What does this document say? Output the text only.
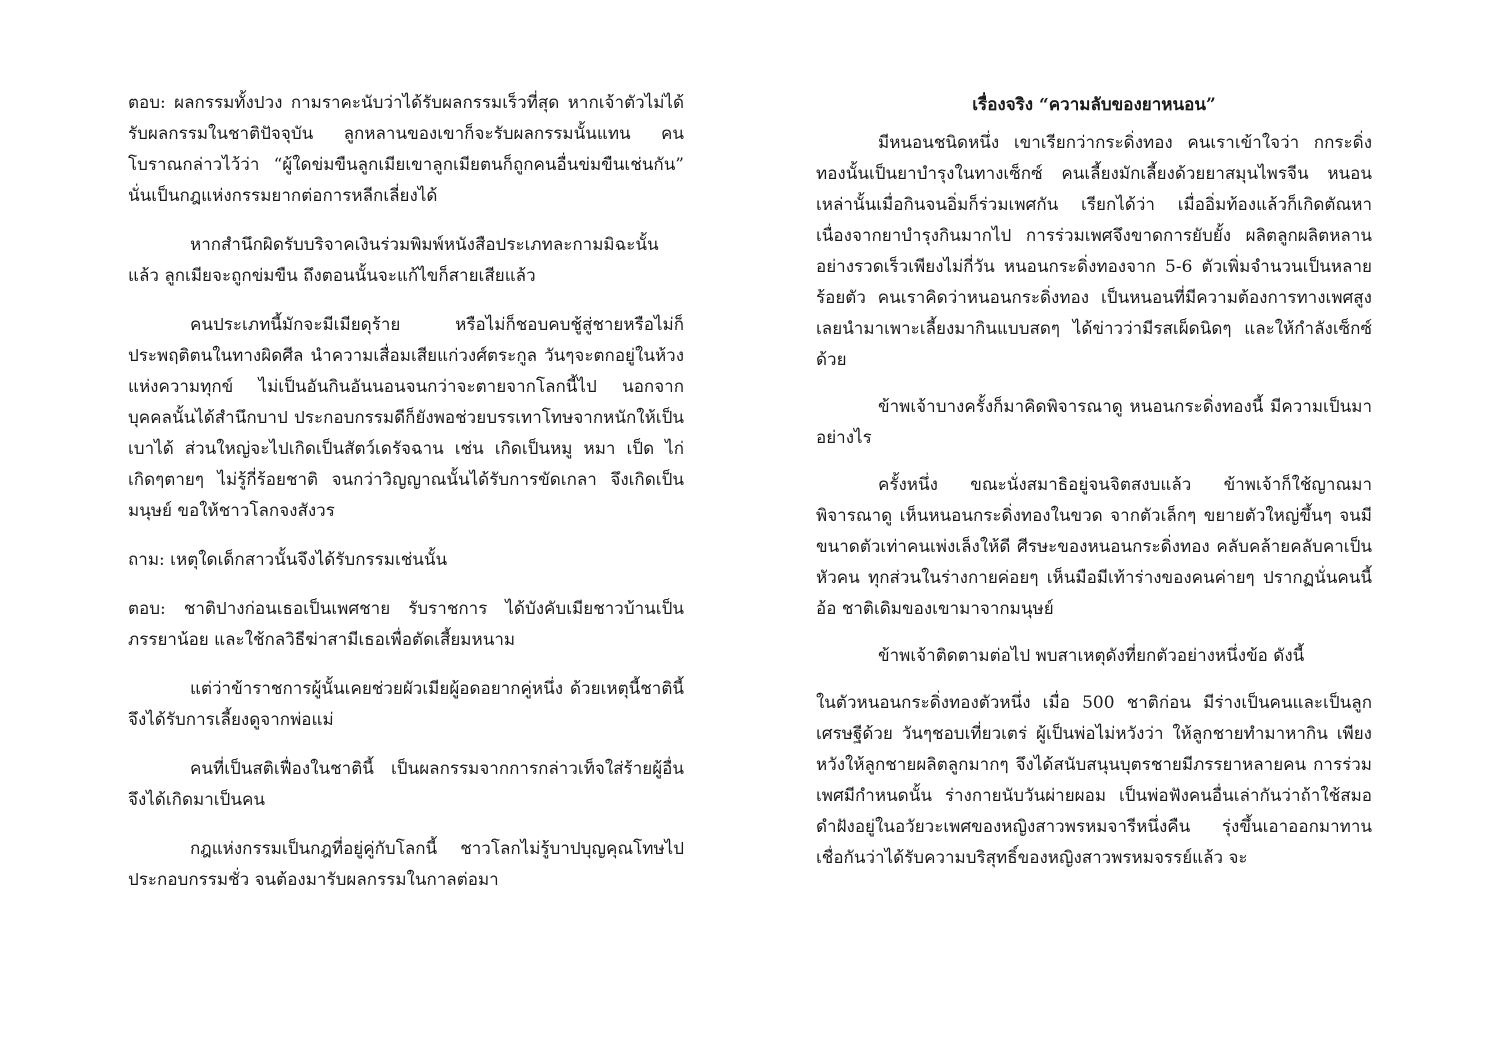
ตอบ: ผลกรรมทั้งปวง กามราคะนับว่าได้รับผลกรรมเร็วที่สุด หากเจ้าตัวไม่ได้รับผลกรรมในชาติปัจจุบัน ลูกหลานของเขาก็จะรับผลกรรมนั้นแทน คนโบราณกล่าวไว้ว่า “ผู้ใดข่มขืนลูกเมียเขาลูกเมียตนก็ถูกคนอื่นข่มขืนเช่นกัน” นั่นเป็นกฎแห่งกรรมยากต่อการหลีกเลี่ยงได้

หากสำนึกผิดรับบริจาคเงินร่วมพิมพ์หนังสือประเภทละกามมิฉะนั้นแล้ว ลูกเมียจะถูกข่มขืน ถึงตอนนั้นจะแก้ไขก็สายเสียแล้ว

คนประเภทนี้มักจะมีเมียดุร้าย หรือไม่ก็ชอบคบชู้สู่ชายหรือไม่ก็ประพฤติตนในทางผิดศีล นำความเสื่อมเสียแก่วงศ์ตระกูล วันๆจะตกอยู่ในห้วงแห่งความทุกข์ ไม่เป็นอันกินอันนอนจนกว่าจะตายจากโลกนี้ไป นอกจากบุคคลนั้นได้สำนึกบาป ประกอบกรรมดีก็ยังพอช่วยบรรเทาโทษจากหนักให้เป็นเบาได้ ส่วนใหญ่จะไปเกิดเป็นสัตว์เดรัจฉาน เช่น เกิดเป็นหมู หมา เป็ด ไก่ เกิดๆตายๆ ไม่รู้กี่ร้อยชาติ จนกว่าวิญญาณนั้นได้รับการขัดเกลา จึงเกิดเป็นมนุษย์ ขอให้ชาวโลกจงสังวร

ถาม: เหตุใดเด็กสาวนั้นจึงได้รับกรรมเช่นนั้น

ตอบ: ชาติปางก่อนเธอเป็นเพศชาย รับราชการ ได้บังคับเมียชาวบ้านเป็นภรรยาน้อย และใช้กลวิธีฆ่าสามีเธอเพื่อตัดเสี้ยมหนาม

แต่ว่าข้าราชการผู้นั้นเคยช่วยผัวเมียผู้อดอยากคู่หนึ่ง ด้วยเหตุนี้ชาตินี้จึงได้รับการเลี้ยงดูจากพ่อแม่

คนที่เป็นสติเฟื่องในชาตินี้ เป็นผลกรรมจากการกล่าวเท็จใส่ร้ายผู้อื่น จึงได้เกิดมาเป็นคน

กฎแห่งกรรมเป็นกฎที่อยู่คู่กับโลกนี้ ชาวโลกไม่รู้บาปบุญคุณโทษไปประกอบกรรมชั่ว จนต้องมารับผลกรรมในกาลต่อมา

เรื่องจริง “ความลับของยาหนอน”

มีหนอนชนิดหนึ่ง เขาเรียกว่ากระดิ่งทอง คนเราเข้าใจว่า กกระดิ่งทองนั้นเป็นยาบำรุงในทางเซ็กซ์ คนเลี้ยงมักเลี้ยงด้วยยาสมุนไพรจีน หนอนเหล่านั้นเมื่อกินจนอิ่มก็ร่วมเพศกัน เรียกได้ว่า เมื่ออิ่มท้องแล้วก็เกิดตัณหา เนื่องจากยาบำรุงกินมากไป การร่วมเพศจึงขาดการยับยั้ง ผลิตลูกผลิตหลานอย่างรวดเร็วเพียงไม่กี่วัน หนอนกระดิ่งทองจาก 5-6 ตัวเพิ่มจำนวนเป็นหลายร้อยตัว คนเราคิดว่าหนอนกระดิ่งทอง เป็นหนอนที่มีความต้องการทางเพศสูงเลยนำมาเพาะเลี้ยงมากินแบบสดๆ ได้ข่าวว่ามีรสเผ็ดนิดๆ และให้กำลังเซ็กซ์ด้วย

ข้าพเจ้าบางครั้งก็มาคิดพิจารณาดู หนอนกระดิ่งทองนี้ มีความเป็นมาอย่างไร

ครั้งหนึ่ง ขณะนั่งสมาธิอยู่จนจิตสงบแล้ว ข้าพเจ้าก็ใช้ญาณมาพิจารณาดู เห็นหนอนกระดิ่งทองในขวด จากตัวเล็กๆ ขยายตัวใหญ่ขึ้นๆ จนมีขนาดตัวเท่าคนเพ่งเล็งให้ดี ศีรษะของหนอนกระดิ่งทอง คลับคล้ายคลับคาเป็นหัวคน ทุกส่วนในร่างกายค่อยๆ เห็นมือมีเท้าร่างของคนค่ายๆ ปรากฏนั่นคนนี้อ้อ ชาติเดิมของเขามาจากมนุษย์

ข้าพเจ้าติดตามต่อไป พบสาเหตุดังที่ยกตัวอย่างหนึ่งข้อ ดังนี้

ในตัวหนอนกระดิ่งทองตัวหนึ่ง เมื่อ 500 ชาติก่อน มีร่างเป็นคนและเป็นลูกเศรษฐีด้วย วันๆชอบเที่ยวเตร่ ผู้เป็นพ่อไม่หวังว่า ให้ลูกชายทำมาหากิน เพียงหวังให้ลูกชายผลิตลูกมากๆ จึงได้สนับสนุนบุตรชายมีภรรยาหลายคน การร่วมเพศมีกำหนดนั้น ร่างกายนับวันผ่ายผอม เป็นพ่อฟังคนอื่นเล่ากันว่าถ้าใช้สมอดำฝังอยู่ในอวัยวะเพศของหญิงสาวพรหมจารีหนึ่งคืน รุ่งขึ้นเอาออกมาทาน เชื่อกันว่าได้รับความบริสุทธิ์ของหญิงสาวพรหมจรรย์แล้ว จะ
